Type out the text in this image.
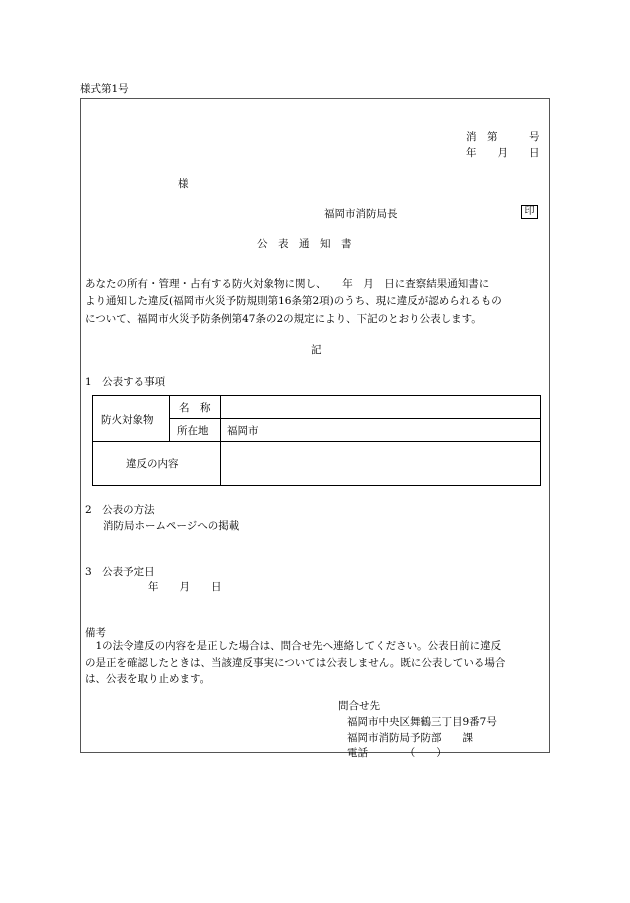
様式第1号
消　第　　　号
年　　月　　日
様
福岡市消防局長	印
公　表　通　知　書
あなたの所有・管理・占有する防火対象物に関し、　　年　月　日に査察結果通知書に
より通知した違反(福岡市火災予防規則第16条第2項)のうち、現に違反が認められるもの
について、福岡市火災予防条例第47条の2の規定により、下記のとおり公表します。
記
1　公表する事項
防火対象物
名　称
所在地 福岡市
違反の内容
2　公表の方法
消防局ホームページへの掲載
3　公表予定日
年　　月　　日
備考
　1の法令違反の内容を是正した場合は、問合せ先へ連絡してください。公表日前に違反
の是正を確認したときは、当該違反事実については公表しません。既に公表している場合
は、公表を取り止めます。
問合せ先
福岡市中央区舞鶴三丁目9番7号
福岡市消防局予防部　　課
電話　　　　（　　）
